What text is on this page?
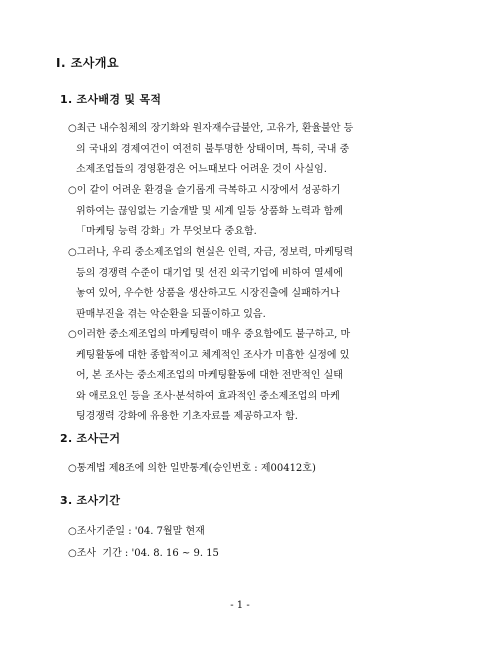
I. 조사개요
1. 조사배경 및 목적
○최근 내수침체의 장기화와 원자재수급불안, 고유가, 환율불안 등
의 국내외 경제여건이 여전히 불투명한 상태이며, 특히, 국내 중
소제조업들의 경영환경은 어느때보다 어려운 것이 사실임.
○이 같이 어려운 환경을 슬기롭게 극복하고 시장에서 성공하기
위하여는 끊임없는 기술개발 및 세계 일등 상품화 노력과 함께
「마케팅 능력 강화」가 무엇보다 중요함.
○그러나, 우리 중소제조업의 현실은 인력, 자금, 정보력, 마케팅력
등의 경쟁력 수준이 대기업 및 선진 외국기업에 비하여 열세에
놓여 있어, 우수한 상품을 생산하고도 시장진출에 실패하거나
판매부진을 겪는 악순환을 되풀이하고 있음.
○이러한 중소제조업의 마케팅력이 매우 중요함에도 불구하고, 마
케팅활동에 대한 종합적이고 체계적인 조사가 미흡한 실정에 있
어, 본 조사는 중소제조업의 마케팅활동에 대한 전반적인 실태
와 애로요인 등을 조사·분석하여 효과적인 중소제조업의 마케
팅경쟁력 강화에 유용한 기초자료를 제공하고자 함.
2. 조사근거
○통계법 제8조에 의한 일반통계(승인번호 : 제00412호)
3. 조사기간
○조사기준일 : '04. 7월말 현재
○조사  기간 : '04. 8. 16 ~ 9. 15
- 1 -
